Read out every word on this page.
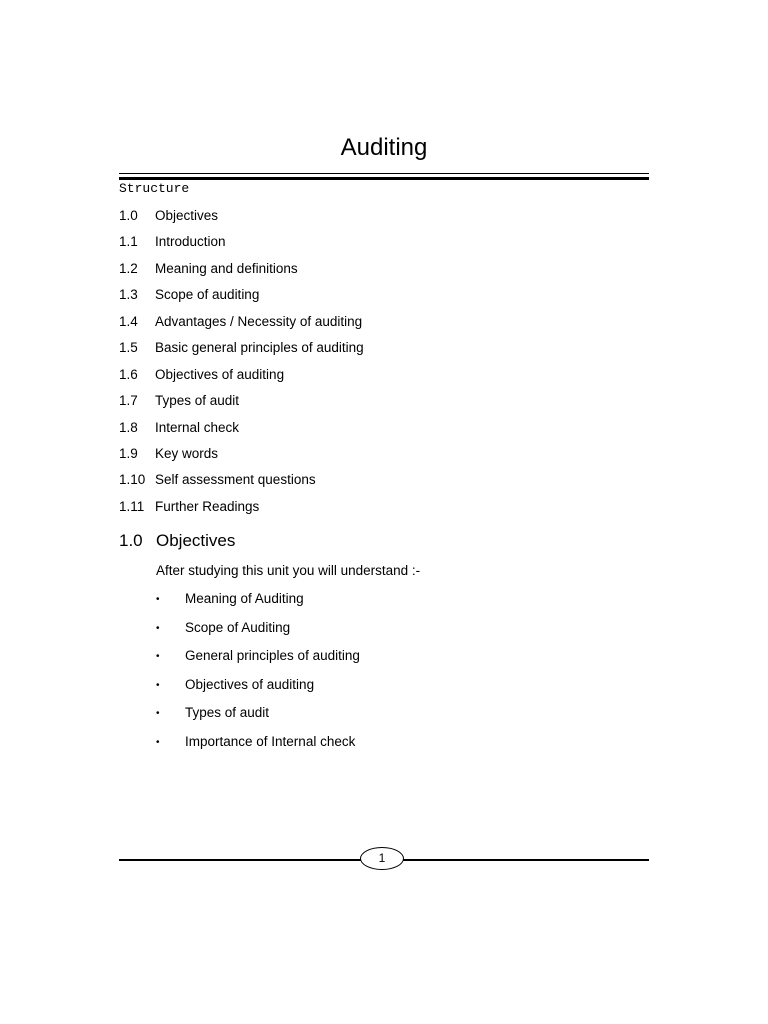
Auditing
Structure
1.0 Objectives
1.1 Introduction
1.2 Meaning and definitions
1.3 Scope of auditing
1.4 Advantages / Necessity of auditing
1.5 Basic general principles of auditing
1.6 Objectives of auditing
1.7 Types of audit
1.8 Internal check
1.9 Key words
1.10 Self assessment questions
1.11 Further Readings
1.0 Objectives
After studying this unit you will understand :-
• Meaning of Auditing
• Scope of Auditing
• General principles of auditing
• Objectives of auditing
• Types of audit
• Importance of Internal check
1
